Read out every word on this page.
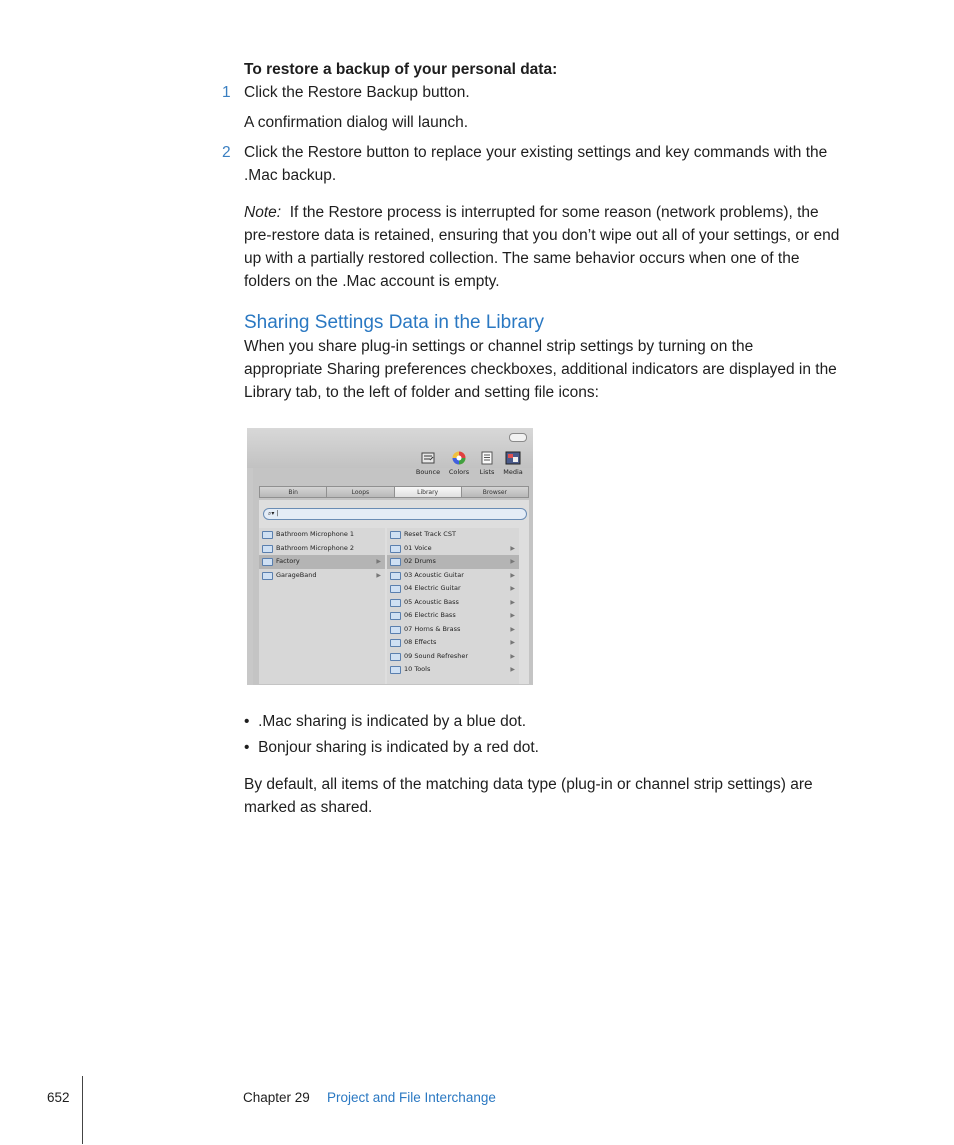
To restore a backup of your personal data:
1 Click the Restore Backup button.
A confirmation dialog will launch.
2 Click the Restore button to replace your existing settings and key commands with the
.Mac backup.
Note: If the Restore process is interrupted for some reason (network problems), the
pre-restore data is retained, ensuring that you don’t wipe out all of your settings, or end
up with a partially restored collection. The same behavior occurs when one of the
folders on the .Mac account is empty.
Sharing Settings Data in the Library
When you share plug-in settings or channel strip settings by turning on the
appropriate Sharing preferences checkboxes, additional indicators are displayed in the
Library tab, to the left of folder and setting file icons:
Bounce	Colors	Lists	Media
Bin	Loops	Library	Browser
⌕▾ |
Bathroom Microphone 1
Bathroom Microphone 2
Factory	▶
GarageBand	▶
Reset Track CST
01 Voice	▶
02 Drums	▶
03 Acoustic Guitar	▶
04 Electric Guitar	▶
05 Acoustic Bass	▶
06 Electric Bass	▶
07 Horns & Brass	▶
08 Effects	▶
09 Sound Refresher	▶
10 Tools	▶
• .Mac sharing is indicated by a blue dot.
• Bonjour sharing is indicated by a red dot.
By default, all items of the matching data type (plug-in or channel strip settings) are
marked as shared.
652	Chapter 29 Project and File Interchange
